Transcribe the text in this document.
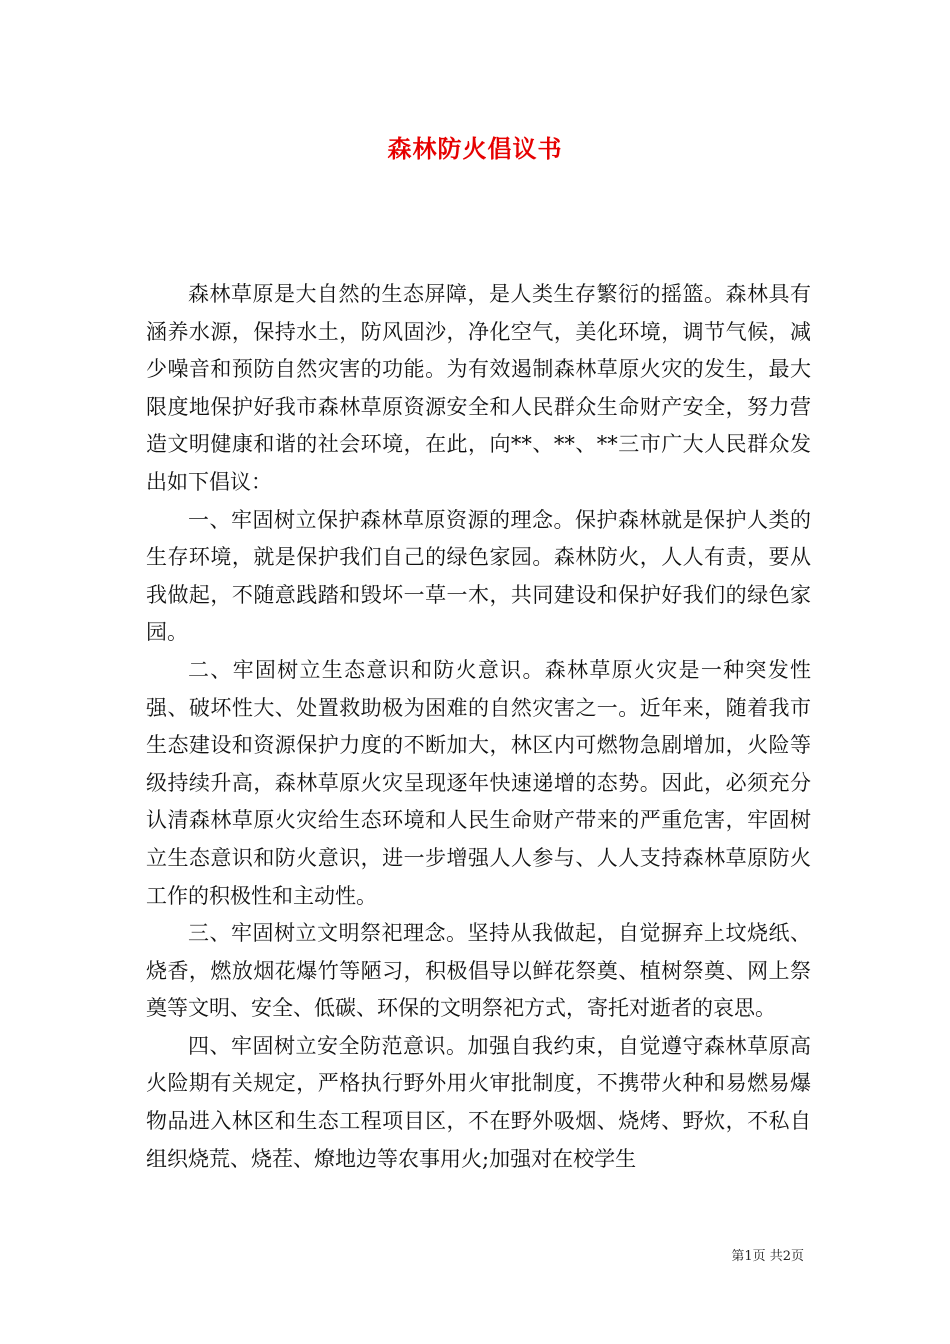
森林防火倡议书

森林草原是大自然的生态屏障，是人类生存繁衍的摇篮。森林具有涵养水源，保持水土，防风固沙，净化空气，美化环境，调节气候，减少噪音和预防自然灾害的功能。为有效遏制森林草原火灾的发生，最大限度地保护好我市森林草原资源安全和人民群众生命财产安全，努力营造文明健康和谐的社会环境，在此，向**、**、**三市广大人民群众发出如下倡议：

一、牢固树立保护森林草原资源的理念。保护森林就是保护人类的生存环境，就是保护我们自己的绿色家园。森林防火，人人有责，要从我做起，不随意践踏和毁坏一草一木，共同建设和保护好我们的绿色家园。

二、牢固树立生态意识和防火意识。森林草原火灾是一种突发性强、破坏性大、处置救助极为困难的自然灾害之一。近年来，随着我市生态建设和资源保护力度的不断加大，林区内可燃物急剧增加，火险等级持续升高，森林草原火灾呈现逐年快速递增的态势。因此，必须充分认清森林草原火灾给生态环境和人民生命财产带来的严重危害，牢固树立生态意识和防火意识，进一步增强人人参与、人人支持森林草原防火工作的积极性和主动性。

三、牢固树立文明祭祀理念。坚持从我做起，自觉摒弃上坟烧纸、烧香，燃放烟花爆竹等陋习，积极倡导以鲜花祭奠、植树祭奠、网上祭奠等文明、安全、低碳、环保的文明祭祀方式，寄托对逝者的哀思。

四、牢固树立安全防范意识。加强自我约束，自觉遵守森林草原高火险期有关规定，严格执行野外用火审批制度，不携带火种和易燃易爆物品进入林区和生态工程项目区，不在野外吸烟、烧烤、野炊，不私自组织烧荒、烧茬、燎地边等农事用火;加强对在校学生

第1页 共2页
